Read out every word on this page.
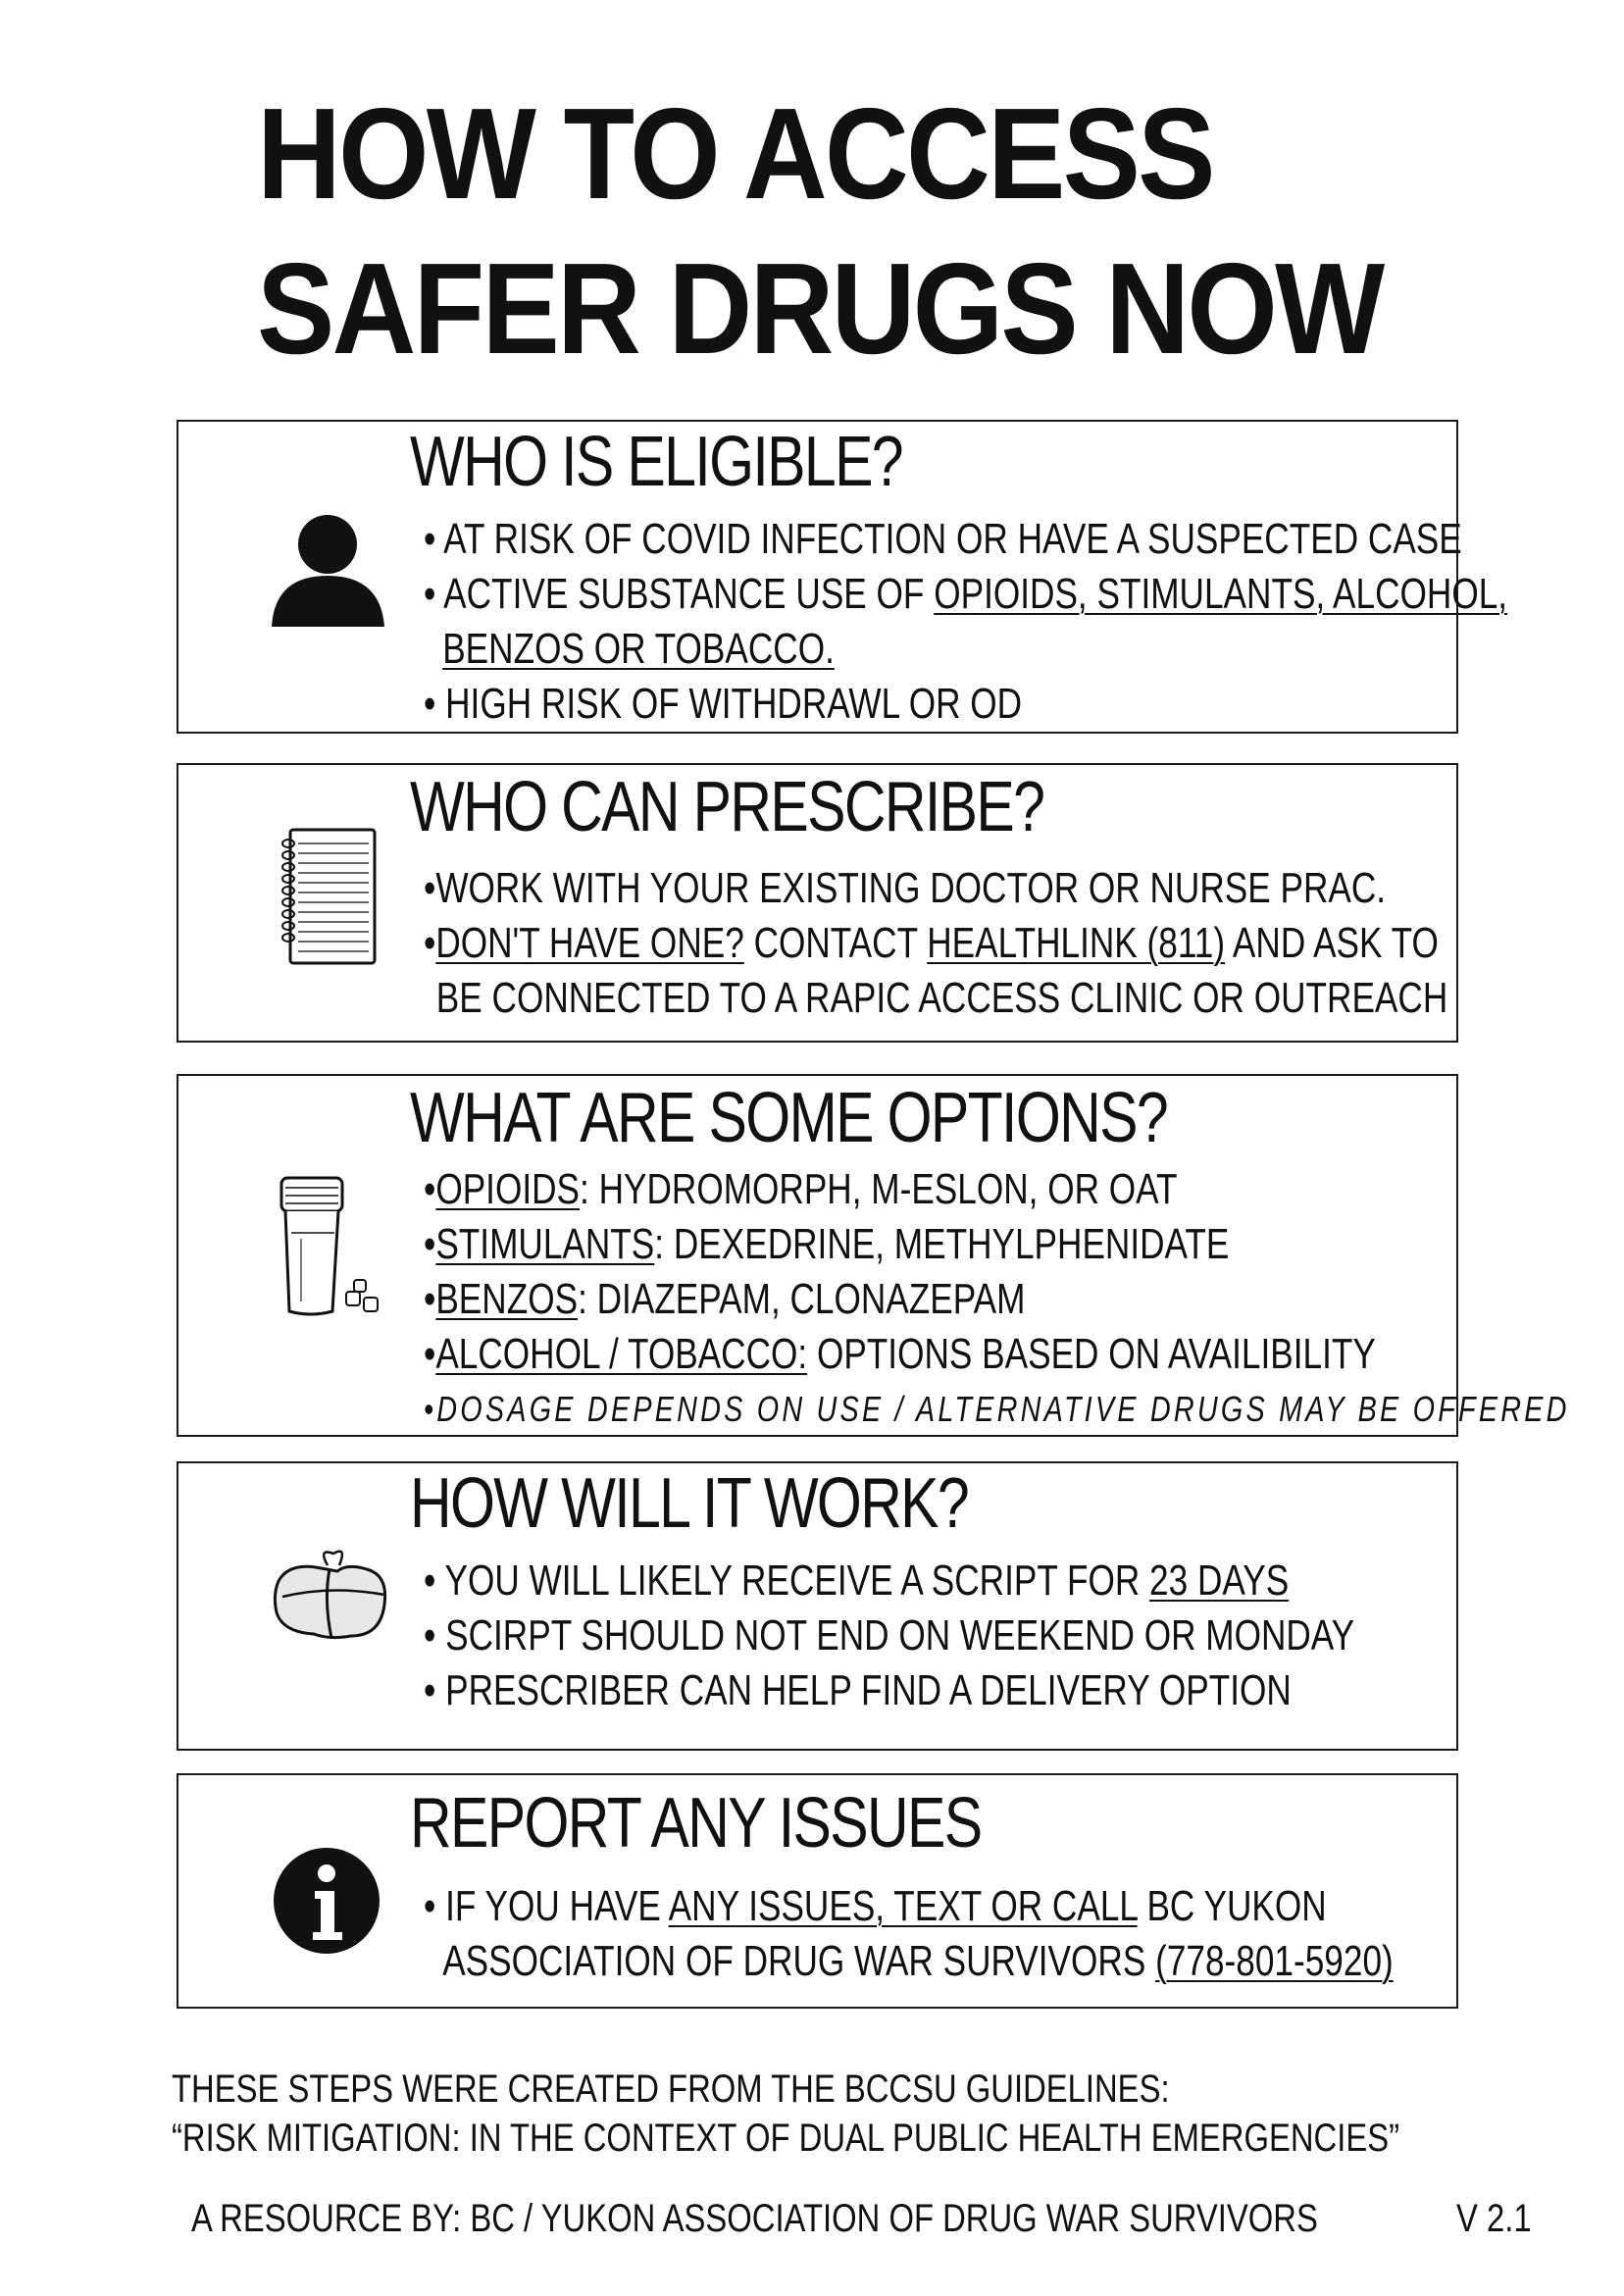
HOW TO ACCESS
SAFER DRUGS NOW
WHO IS ELIGIBLE?
• AT RISK OF COVID INFECTION OR HAVE A SUSPECTED CASE
• ACTIVE SUBSTANCE USE OF OPIOIDS, STIMULANTS, ALCOHOL,
BENZOS OR TOBACCO.
• HIGH RISK OF WITHDRAWL OR OD
WHO CAN PRESCRIBE?
•WORK WITH YOUR EXISTING DOCTOR OR NURSE PRAC.
•DON'T HAVE ONE? CONTACT HEALTHLINK (811) AND ASK TO
BE CONNECTED TO A RAPIC ACCESS CLINIC OR OUTREACH
WHAT ARE SOME OPTIONS?
•OPIOIDS: HYDROMORPH, M-ESLON, OR OAT
•STIMULANTS: DEXEDRINE, METHYLPHENIDATE
•BENZOS: DIAZEPAM, CLONAZEPAM
•ALCOHOL / TOBACCO: OPTIONS BASED ON AVAILIBILITY
•DOSAGE DEPENDS ON USE / ALTERNATIVE DRUGS MAY BE OFFERED
HOW WILL IT WORK?
• YOU WILL LIKELY RECEIVE A SCRIPT FOR 23 DAYS
• SCIRPT SHOULD NOT END ON WEEKEND OR MONDAY
• PRESCRIBER CAN HELP FIND A DELIVERY OPTION
REPORT ANY ISSUES
• IF YOU HAVE ANY ISSUES, TEXT OR CALL BC YUKON
ASSOCIATION OF DRUG WAR SURVIVORS (778-801-5920)
THESE STEPS WERE CREATED FROM THE BCCSU GUIDELINES:
“RISK MITIGATION: IN THE CONTEXT OF DUAL PUBLIC HEALTH EMERGENCIES”
A RESOURCE BY: BC / YUKON ASSOCIATION OF DRUG WAR SURVIVORS	V 2.1
